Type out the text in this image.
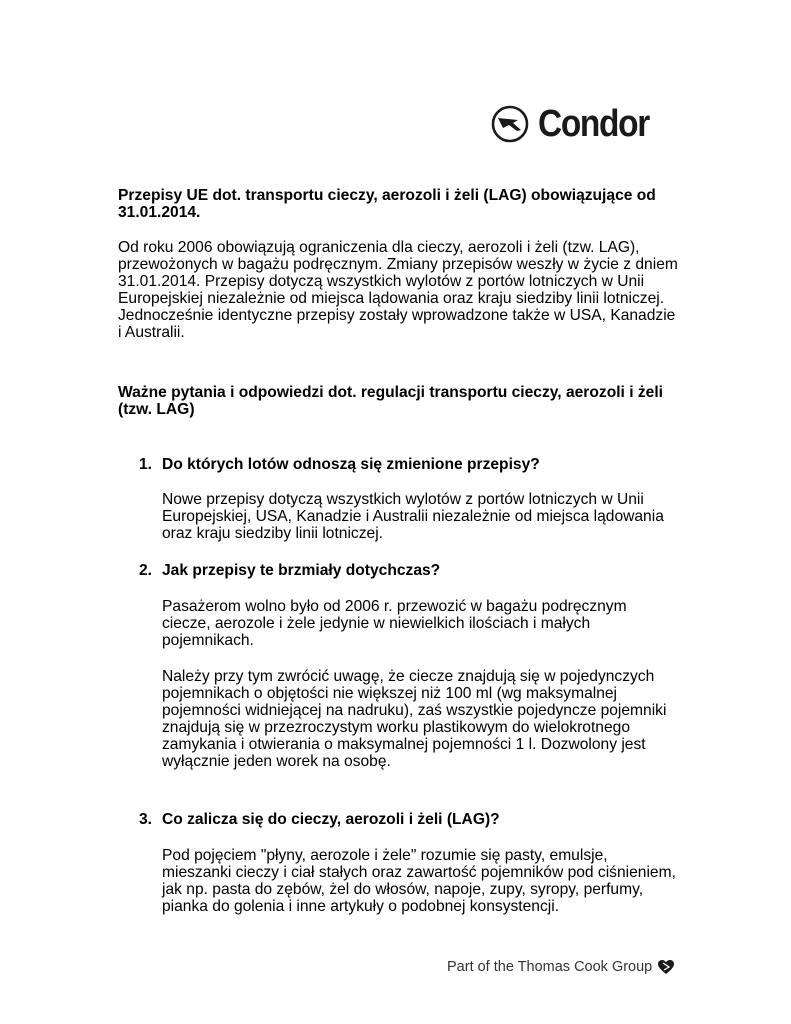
Condor
Przepisy UE dot. transportu cieczy, aerozoli i żeli (LAG) obowiązujące od
31.01.2014.
Od roku 2006 obowiązują ograniczenia dla cieczy, aerozoli i żeli (tzw. LAG),
przewożonych w bagażu podręcznym. Zmiany przepisów weszły w życie z dniem
31.01.2014. Przepisy dotyczą wszystkich wylotów z portów lotniczych w Unii
Europejskiej niezależnie od miejsca lądowania oraz kraju siedziby linii lotniczej.
Jednocześnie identyczne przepisy zostały wprowadzone także w USA, Kanadzie
i Australii.
Ważne pytania i odpowiedzi dot. regulacji transportu cieczy, aerozoli i żeli
(tzw. LAG)
1. Do których lotów odnoszą się zmienione przepisy?
Nowe przepisy dotyczą wszystkich wylotów z portów lotniczych w Unii
Europejskiej, USA, Kanadzie i Australii niezależnie od miejsca lądowania
oraz kraju siedziby linii lotniczej.
2. Jak przepisy te brzmiały dotychczas?
Pasażerom wolno było od 2006 r. przewozić w bagażu podręcznym
ciecze, aerozole i żele jedynie w niewielkich ilościach i małych
pojemnikach.
Należy przy tym zwrócić uwagę, że ciecze znajdują się w pojedynczych
pojemnikach o objętości nie większej niż 100 ml (wg maksymalnej
pojemności widniejącej na nadruku), zaś wszystkie pojedyncze pojemniki
znajdują się w przezroczystym worku plastikowym do wielokrotnego
zamykania i otwierania o maksymalnej pojemności 1 l. Dozwolony jest
wyłącznie jeden worek na osobę.
3. Co zalicza się do cieczy, aerozoli i żeli (LAG)?
Pod pojęciem "płyny, aerozole i żele" rozumie się pasty, emulsje,
mieszanki cieczy i ciał stałych oraz zawartość pojemników pod ciśnieniem,
jak np. pasta do zębów, żel do włosów, napoje, zupy, syropy, perfumy,
pianka do golenia i inne artykuły o podobnej konsystencji.
Part of the Thomas Cook Group
